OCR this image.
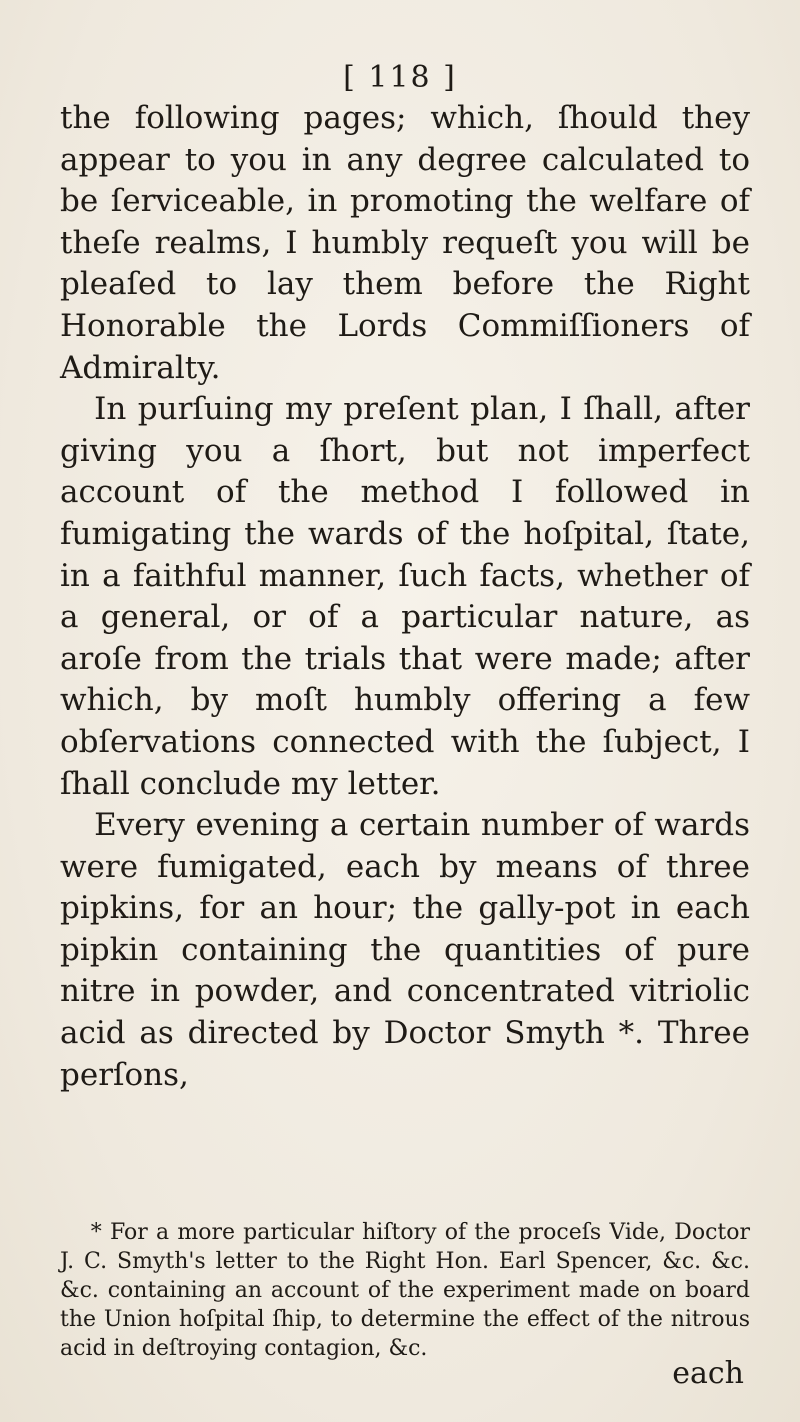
[ 118 ]

the following pages; which, ſhould they appear to you in any degree calculated to be ſerviceable, in promoting the welfare of theſe realms, I humbly requeſt you will be pleaſed to lay them before the Right Honorable the Lords Commiſſioners of Admiralty.

In purſuing my preſent plan, I ſhall, after giving you a ſhort, but not imperfect account of the method I followed in fumigating the wards of the hoſpital, ſtate, in a faithful manner, ſuch facts, whether of a general, or of a particular nature, as aroſe from the trials that were made; after which, by moſt humbly offering a few obſervations connected with the ſubject, I ſhall conclude my letter.

Every evening a certain number of wards were fumigated, each by means of three pipkins, for an hour; the gally-pot in each pipkin containing the quantities of pure nitre in powder, and concentrated vitriolic acid as directed by Doctor Smyth *. Three perſons,

* For a more particular hiſtory of the proceſs Vide, Doctor J. C. Smyth's letter to the Right Hon. Earl Spencer, &c. &c. &c. containing an account of the experiment made on board the Union hoſpital ſhip, to determine the effect of the nitrous acid in deſtroying contagion, &c.

each
